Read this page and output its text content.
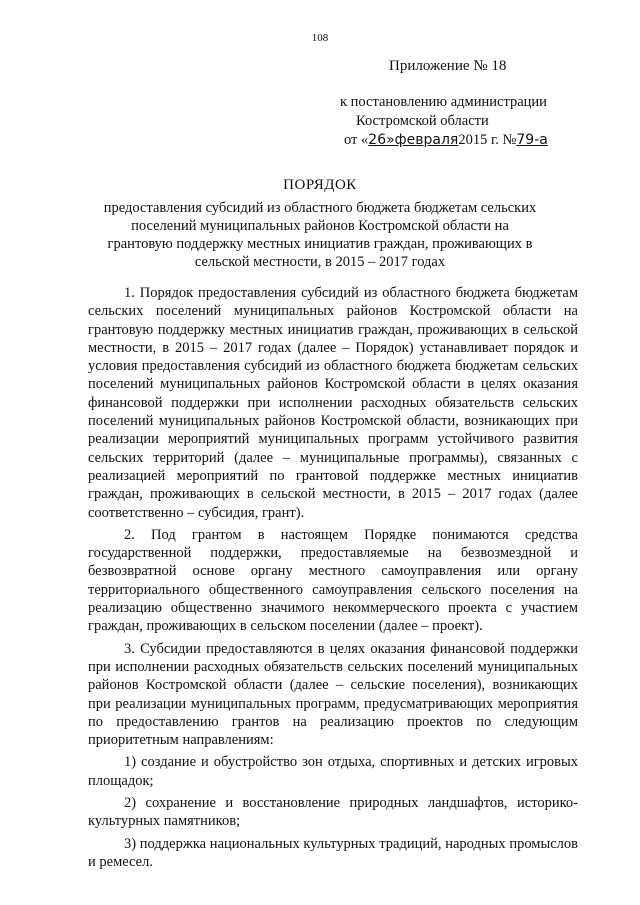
108
Приложение № 18
к постановлению администрации
Костромской области
от «26»февраля2015 г. №79-а
ПОРЯДОК
предоставления субсидий из областного бюджета бюджетам сельских поселений муниципальных районов Костромской области на грантовую поддержку местных инициатив граждан, проживающих в сельской местности, в 2015 – 2017 годах

1. Порядок предоставления субсидий из областного бюджета бюджетам сельских поселений муниципальных районов Костромской области на грантовую поддержку местных инициатив граждан, проживающих в сельской местности, в 2015 – 2017 годах (далее – Порядок) устанавливает порядок и условия предоставления субсидий из областного бюджета бюджетам сельских поселений муниципальных районов Костромской области в целях оказания финансовой поддержки при исполнении расходных обязательств сельских поселений муниципальных районов Костромской области, возникающих при реализации мероприятий муниципальных программ устойчивого развития сельских территорий (далее – муниципальные программы), связанных с реализацией мероприятий по грантовой поддержке местных инициатив граждан, проживающих в сельской местности, в 2015 – 2017 годах (далее соответственно – субсидия, грант).

2. Под грантом в настоящем Порядке понимаются средства государственной поддержки, предоставляемые на безвозмездной и безвозвратной основе органу местного самоуправления или органу территориального общественного самоуправления сельского поселения на реализацию общественно значимого некоммерческого проекта с участием граждан, проживающих в сельском поселении (далее – проект).

3. Субсидии предоставляются в целях оказания финансовой поддержки при исполнении расходных обязательств сельских поселений муниципальных районов Костромской области (далее – сельские поселения), возникающих при реализации муниципальных программ, предусматривающих мероприятия по предоставлению грантов на реализацию проектов по следующим приоритетным направлениям:

1) создание и обустройство зон отдыха, спортивных и детских игровых площадок;

2) сохранение и восстановление природных ландшафтов, историко-культурных памятников;

3) поддержка национальных культурных традиций, народных промыслов и ремесел.
